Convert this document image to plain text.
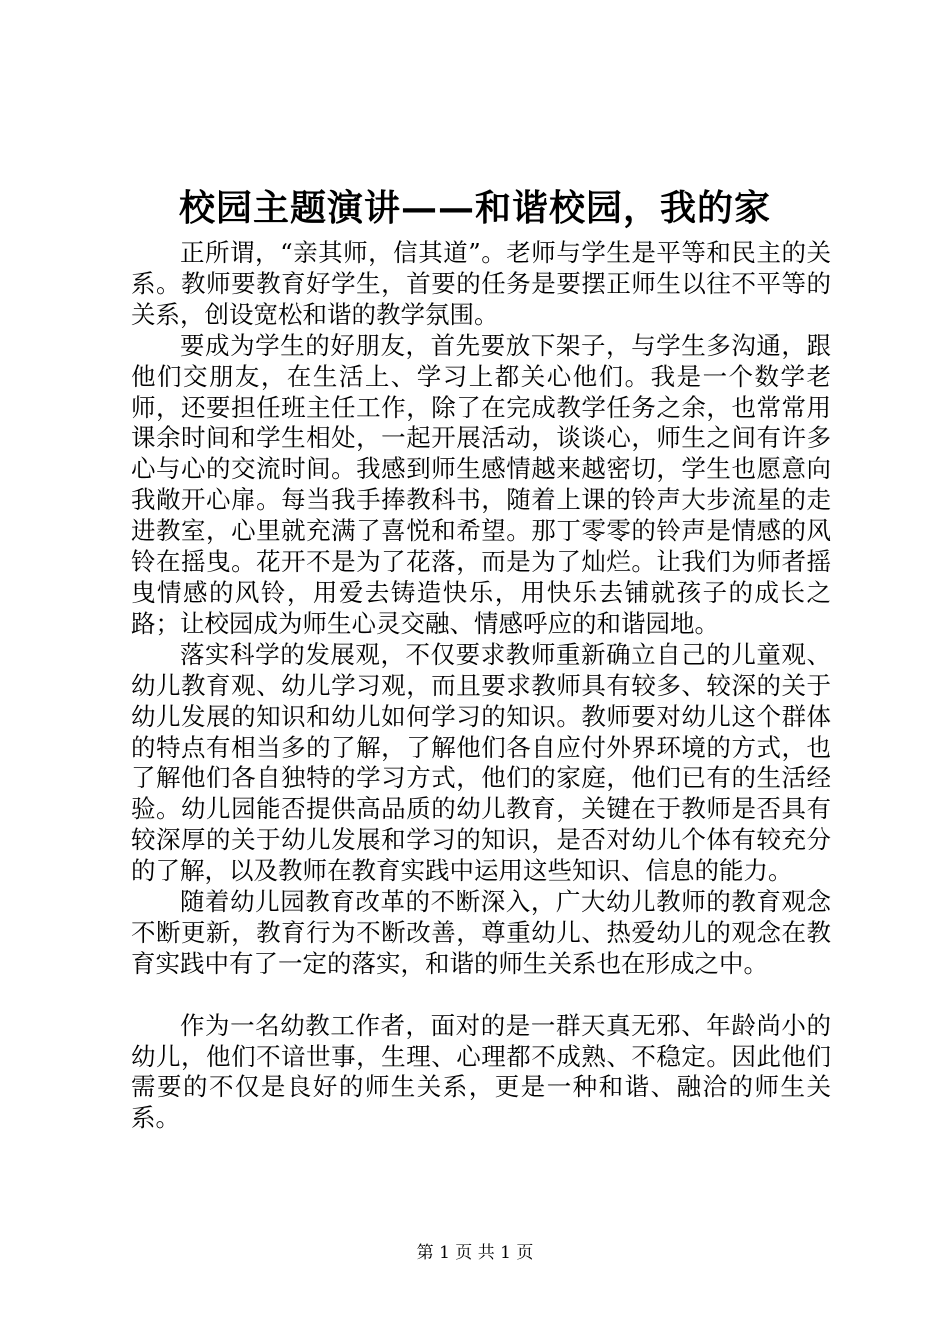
校园主题演讲——和谐校园，我的家

正所谓，“亲其师，信其道”。老师与学生是平等和民主的关系。教师要教育好学生，首要的任务是要摆正师生以往不平等的关系，创设宽松和谐的教学氛围。

要成为学生的好朋友，首先要放下架子，与学生多沟通，跟他们交朋友，在生活上、学习上都关心他们。我是一个数学老师，还要担任班主任工作，除了在完成教学任务之余，也常常用课余时间和学生相处，一起开展活动，谈谈心，师生之间有许多心与心的交流时间。我感到师生感情越来越密切，学生也愿意向我敞开心扉。每当我手捧教科书，随着上课的铃声大步流星的走进教室，心里就充满了喜悦和希望。那丁零零的铃声是情感的风铃在摇曳。花开不是为了花落，而是为了灿烂。让我们为师者摇曳情感的风铃，用爱去铸造快乐，用快乐去铺就孩子的成长之路；让校园成为师生心灵交融、情感呼应的和谐园地。

落实科学的发展观，不仅要求教师重新确立自己的儿童观、幼儿教育观、幼儿学习观，而且要求教师具有较多、较深的关于幼儿发展的知识和幼儿如何学习的知识。教师要对幼儿这个群体的特点有相当多的了解，了解他们各自应付外界环境的方式，也了解他们各自独特的学习方式，他们的家庭，他们已有的生活经验。幼儿园能否提供高品质的幼儿教育，关键在于教师是否具有较深厚的关于幼儿发展和学习的知识，是否对幼儿个体有较充分的了解，以及教师在教育实践中运用这些知识、信息的能力。

随着幼儿园教育改革的不断深入，广大幼儿教师的教育观念不断更新，教育行为不断改善，尊重幼儿、热爱幼儿的观念在教育实践中有了一定的落实，和谐的师生关系也在形成之中。

作为一名幼教工作者，面对的是一群天真无邪、年龄尚小的幼儿，他们不谙世事，生理、心理都不成熟、不稳定。因此他们需要的不仅是良好的师生关系，更是一种和谐、融洽的师生关系。

第 1 页 共 1 页
